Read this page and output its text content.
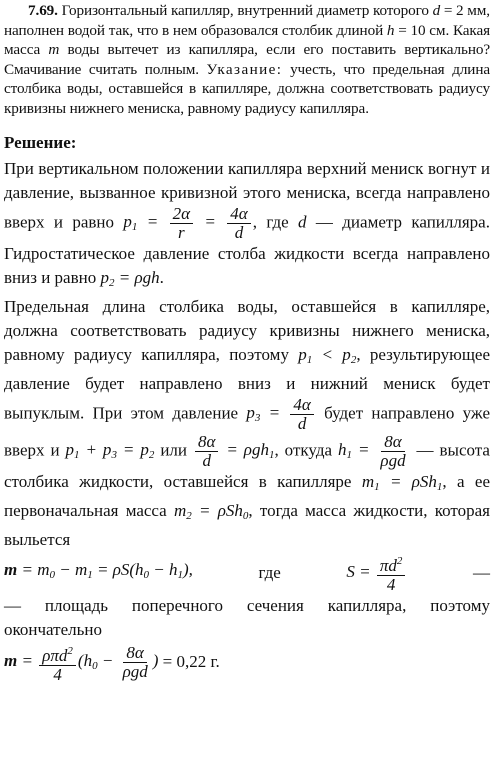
7.69. Горизонтальный капилляр, внутренний диаметр которого d = 2 мм, наполнен водой так, что в нем образовался столбик длиной h = 10 см. Какая масса m воды вытечет из капилляра, если его поставить вертикально? Смачивание считать полным. Указание: учесть, что предельная длина столбика воды, оставшейся в капилляре, должна соответствовать радиусу кривизны нижнего мениска, равному радиусу капилляра.
Решение:

При вертикальном положении капилляра верхний мениск вогнут и давление, вызванное кривизной этого мениска, всегда направлено вверх и равно $p_1 = \frac{2\alpha}{r} = \frac{4\alpha}{d}$ , где d — диаметр капилляра. Гидростатическое давление столба жидкости всегда направлено вниз и равно $p_2 = \rho gh$.

Предельная длина столбика воды, оставшейся в капилляре, должна соответствовать радиусу кривизны нижнего мениска, равному радиусу капилляра, поэтому $p_1 < p_2$, результирующее давление будет направлено вниз и нижний мениск будет выпуклым. При этом давление $p_3 = \frac{4\alpha}{d}$ будет направлено уже вверх и $p_1 + p_3 = p_2$ или $\frac{8\alpha}{d} = \rho gh_1$, откуда $h_1 = \frac{8\alpha}{\text{ρgd}}$ — высота столбика жидкости, оставшейся в капилляре $m_1 = \rho Sh_1$, а ее первоначальная масса $m_2 = \rho Sh_0$, тогда масса жидкости, которая выльется

$m = m_0 - m_1 = \rho S(h_0 - h_1)$,	где	$S = \frac{\pi d^2}{4}$	—

— площадь поперечного сечения капилляра, поэтому окончательно

$m = \frac{\rho\pi d^2}{4} (h_0 - \frac{8\alpha}{\text{ρgd}}$ ) = 0,22 г.
